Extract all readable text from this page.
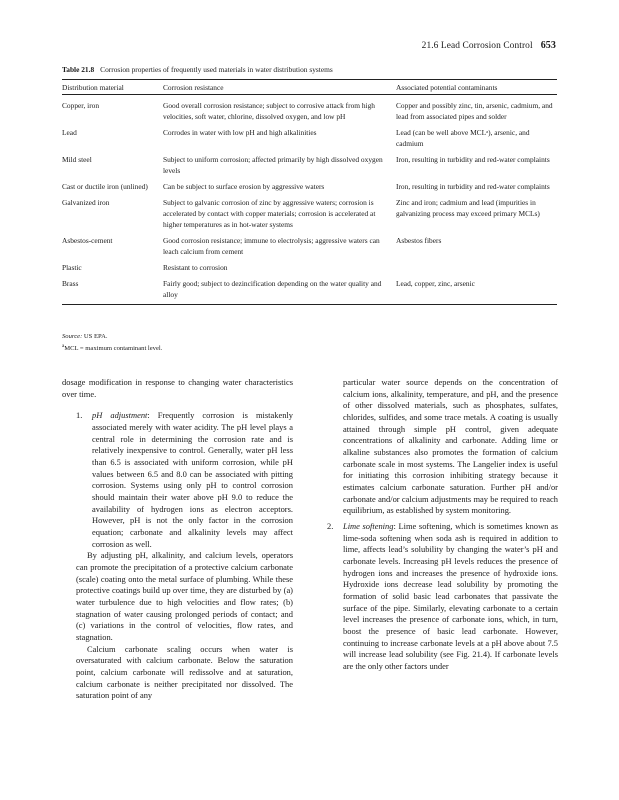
21.6 Lead Corrosion Control 653
Table 21.8 Corrosion properties of frequently used materials in water distribution systems
Distribution material	Corrosion resistance	Associated potential contaminants
Copper, iron	Good overall corrosion resistance; subject to corrosive attack from high velocities, soft water, chlorine, dissolved oxygen, and low pH	Copper and possibly zinc, tin, arsenic, cadmium, and lead from associated pipes and solder
Lead	Corrodes in water with low pH and high alkalinities	Lead (can be well above MCLᵃ), arsenic, and cadmium
Mild steel	Subject to uniform corrosion; affected primarily by high dissolved oxygen levels	Iron, resulting in turbidity and red-water complaints
Cast or ductile iron (unlined)	Can be subject to surface erosion by aggressive waters	Iron, resulting in turbidity and red-water complaints
Galvanized iron	Subject to galvanic corrosion of zinc by aggressive waters; corrosion is accelerated by contact with copper materials; corrosion is accelerated at higher temperatures as in hot-water systems	Zinc and iron; cadmium and lead (impurities in galvanizing process may exceed primary MCLs)
Asbestos-cement	Good corrosion resistance; immune to electrolysis; aggressive waters can leach calcium from cement	Asbestos fibers
Plastic	Resistant to corrosion	
Brass	Fairly good; subject to dezincification depending on the water quality and alloy	Lead, copper, zinc, arsenic
Source: US EPA.
$^a$MCL = maximum contaminant level.

dosage modification in response to changing water characteristics over time.

1.	pH adjustment: Frequently corrosion is mistakenly associated merely with water acidity. The pH level plays a central role in determining the corrosion rate and is relatively inexpensive to control. Generally, water pH less than 6.5 is associated with uniform corrosion, while pH values between 6.5 and 8.0 can be associated with pitting corrosion. Systems using only pH to control corrosion should maintain their water above pH 9.0 to reduce the availability of hydrogen ions as electron acceptors. However, pH is not the only factor in the corrosion equation; carbonate and alkalinity levels may affect corrosion as well.

By adjusting pH, alkalinity, and calcium levels, operators can promote the precipitation of a protective calcium carbonate (scale) coating onto the metal surface of plumbing. While these protective coatings build up over time, they are disturbed by (a) water turbulence due to high velocities and flow rates; (b) stagnation of water causing prolonged periods of contact; and (c) variations in the control of velocities, flow rates, and stagnation.

Calcium carbonate scaling occurs when water is oversaturated with calcium carbonate. Below the saturation point, calcium carbonate will redissolve and at saturation, calcium carbonate is neither precipitated nor dissolved. The saturation point of any

particular water source depends on the concentration of calcium ions, alkalinity, temperature, and pH, and the presence of other dissolved materials, such as phosphates, sulfates, chlorides, sulfides, and some trace metals. A coating is usually attained through simple pH control, given adequate concentrations of alkalinity and carbonate. Adding lime or alkaline substances also promotes the formation of calcium carbonate scale in most systems. The Langelier index is useful for initiating this corrosion inhibiting strategy because it estimates calcium carbonate saturation. Further pH and/or carbonate and/or calcium adjustments may be required to reach equilibrium, as established by system monitoring.

2.	Lime softening: Lime softening, which is sometimes known as lime-soda softening when soda ash is required in addition to lime, affects lead’s solubility by changing the water’s pH and carbonate levels. Increasing pH levels reduces the presence of hydrogen ions and increases the presence of hydroxide ions. Hydroxide ions decrease lead solubility by promoting the formation of solid basic lead carbonates that passivate the surface of the pipe. Similarly, elevating carbonate to a certain level increases the presence of carbonate ions, which, in turn, boost the presence of basic lead carbonate. However, continuing to increase carbonate levels at a pH above about 7.5 will increase lead solubility (see Fig. 21.4). If carbonate levels are the only other factors under
